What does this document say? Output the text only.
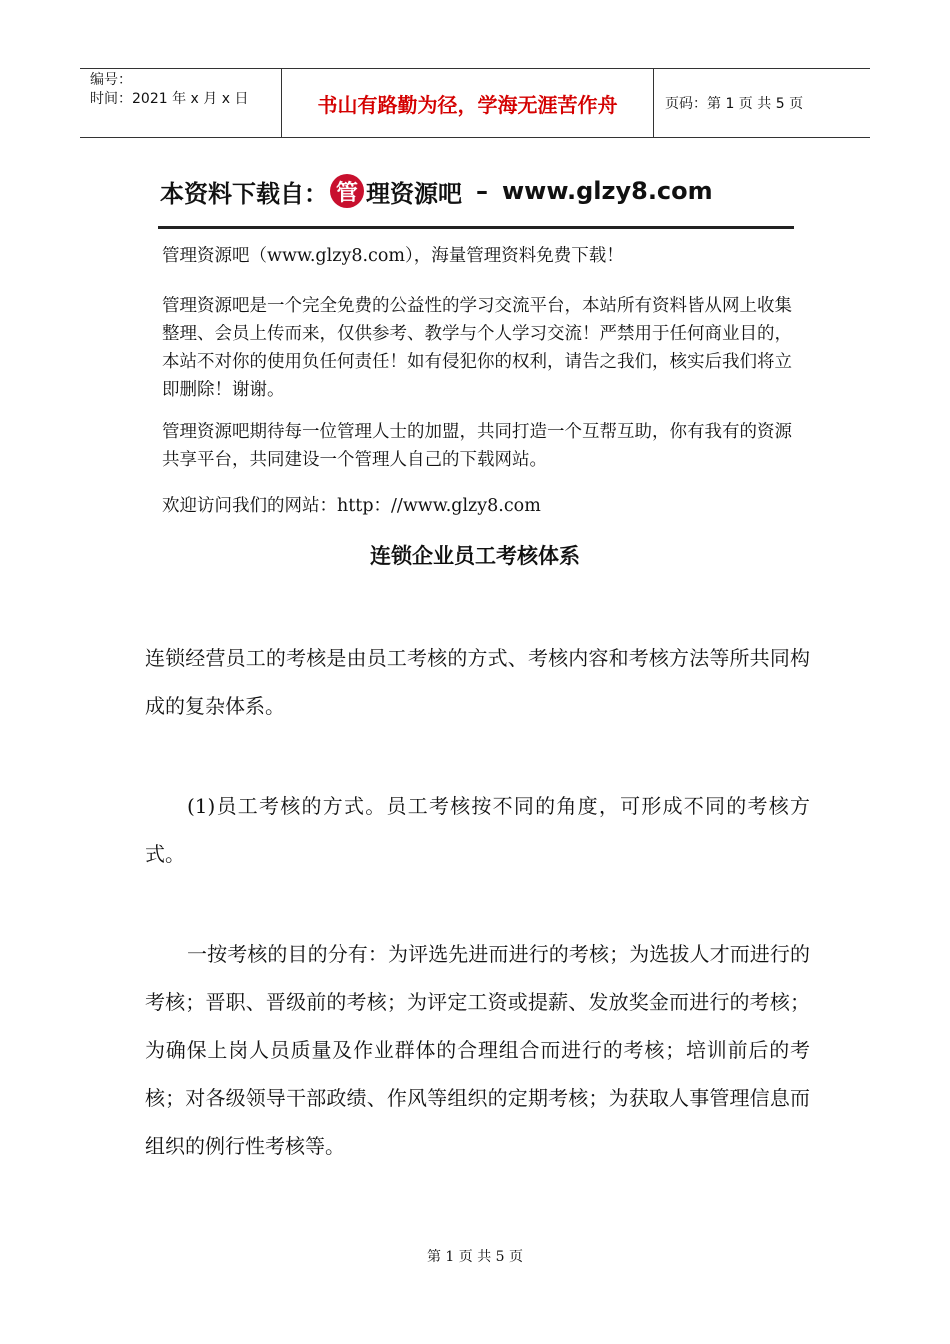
编号：
时间：2021 年 x 月 x 日	书山有路勤为径，学海无涯苦作舟	页码：第 1 页 共 5 页
本资料下载自： 管 理资源吧 – www.glzy8.com
管理资源吧（www.glzy8.com），海量管理资料免费下载！
管理资源吧是一个完全免费的公益性的学习交流平台，本站所有资料皆从网上收集整理、会员上传而来，仅供参考、教学与个人学习交流！严禁用于任何商业目的，本站不对你的使用负任何责任！如有侵犯你的权利，请告之我们，核实后我们将立即删除！谢谢。
管理资源吧期待每一位管理人士的加盟，共同打造一个互帮互助，你有我有的资源共享平台，共同建设一个管理人自己的下载网站。
欢迎访问我们的网站：http：//www.glzy8.com
连锁企业员工考核体系
连锁经营员工的考核是由员工考核的方式、考核内容和考核方法等所共同构成的复杂体系。
(1)员工考核的方式。员工考核按不同的角度，可形成不同的考核方式。
一按考核的目的分有：为评选先进而进行的考核；为选拔人才而进行的考核；晋职、晋级前的考核；为评定工资或提薪、发放奖金而进行的考核；为确保上岗人员质量及作业群体的合理组合而进行的考核；培训前后的考核；对各级领导干部政绩、作风等组织的定期考核；为获取人事管理信息而组织的例行性考核等。
第 1 页 共 5 页
